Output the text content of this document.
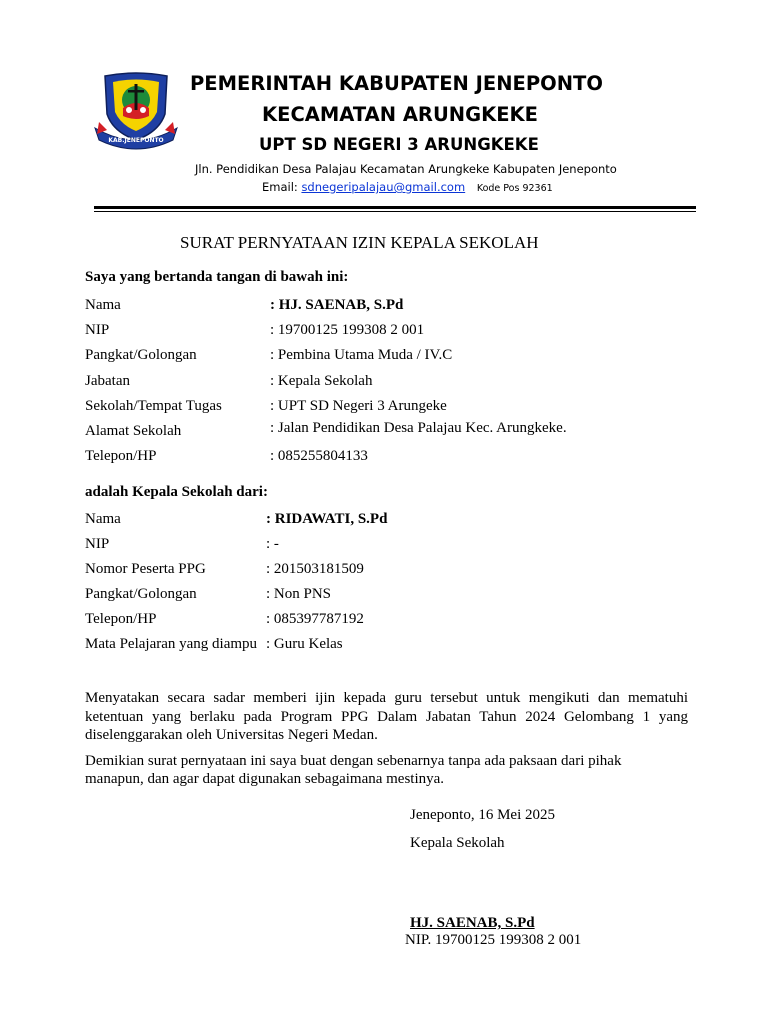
KAB.JENEPONTO
PEMERINTAH KABUPATEN JENEPONTO
KECAMATAN ARUNGKEKE
UPT SD NEGERI 3 ARUNGKEKE
Jln. Pendidikan Desa Palajau Kecamatan Arungkeke Kabupaten Jeneponto
Email: sdnegeripalajau@gmail.com Kode Pos 92361
SURAT PERNYATAAN IZIN KEPALA SEKOLAH
Saya yang bertanda tangan di bawah ini:
Nama	: HJ. SAENAB, S.Pd
NIP	: 19700125 199308 2 001
Pangkat/Golongan	: Pembina Utama Muda / IV.C
Jabatan	: Kepala Sekolah
Sekolah/Tempat Tugas	: UPT SD Negeri 3 Arungeke
Alamat Sekolah	: Jalan Pendidikan Desa Palajau Kec. Arungkeke.
Telepon/HP	: 085255804133
adalah Kepala Sekolah dari:
Nama	: RIDAWATI, S.Pd
NIP	: -
Nomor Peserta PPG	: 201503181509
Pangkat/Golongan	: Non PNS
Telepon/HP	: 085397787192
Mata Pelajaran yang diampu : Guru Kelas
Menyatakan secara sadar memberi ijin kepada guru tersebut untuk mengikuti dan mematuhi ketentuan yang berlaku pada Program PPG Dalam Jabatan Tahun 2024 Gelombang 1 yang diselenggarakan oleh Universitas Negeri Medan.
Demikian surat pernyataan ini saya buat dengan sebenarnya tanpa ada paksaan dari pihak
manapun, dan agar dapat digunakan sebagaimana mestinya.
Jeneponto, 16 Mei 2025
Kepala Sekolah
HJ. SAENAB, S.Pd
NIP. 19700125 199308 2 001
